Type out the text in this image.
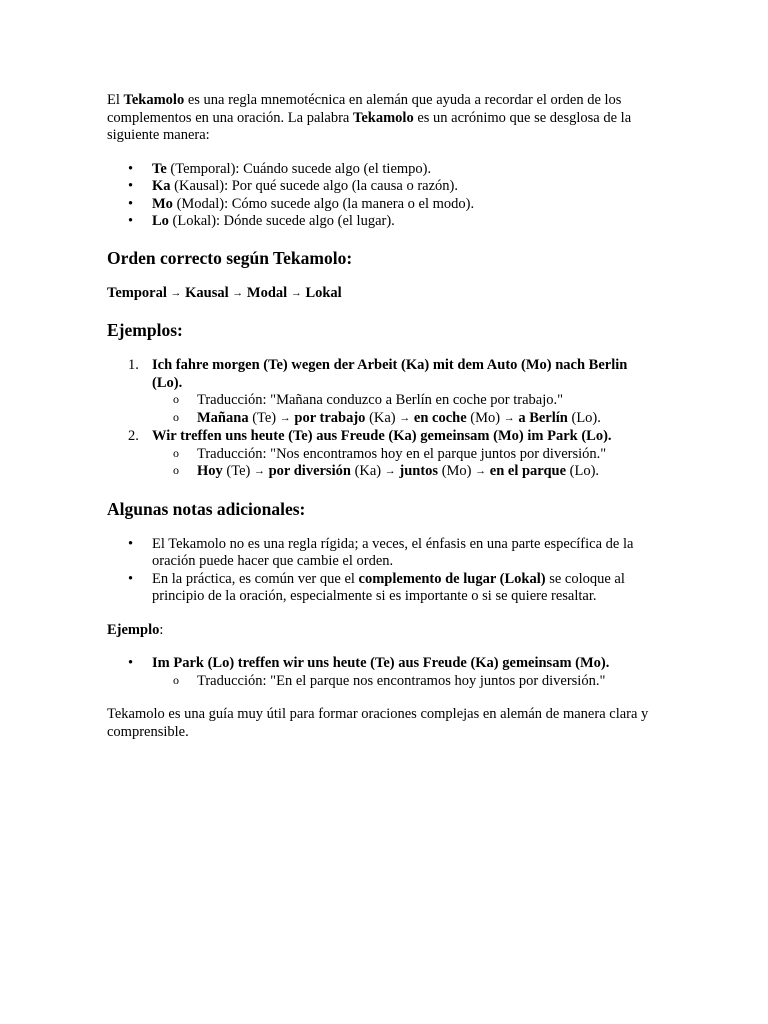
El Tekamolo es una regla mnemotécnica en alemán que ayuda a recordar el orden de los complementos en una oración. La palabra Tekamolo es un acrónimo que se desglosa de la siguiente manera:

• Te (Temporal): Cuándo sucede algo (el tiempo).
• Ka (Kausal): Por qué sucede algo (la causa o razón).
• Mo (Modal): Cómo sucede algo (la manera o el modo).
• Lo (Lokal): Dónde sucede algo (el lugar).
Orden correcto según Tekamolo:

Temporal → Kausal → Modal → Lokal

Ejemplos:
1. Ich fahre morgen (Te) wegen der Arbeit (Ka) mit dem Auto (Mo) nach Berlin (Lo).
o Traducción: "Mañana conduzco a Berlín en coche por trabajo."
o Mañana (Te) → por trabajo (Ka) → en coche (Mo) → a Berlín (Lo).
2. Wir treffen uns heute (Te) aus Freude (Ka) gemeinsam (Mo) im Park (Lo).
o Traducción: "Nos encontramos hoy en el parque juntos por diversión."
o Hoy (Te) → por diversión (Ka) → juntos (Mo) → en el parque (Lo).
Algunas notas adicionales:
• El Tekamolo no es una regla rígida; a veces, el énfasis en una parte específica de la oración puede hacer que cambie el orden.
• En la práctica, es común ver que el complemento de lugar (Lokal) se coloque al principio de la oración, especialmente si es importante o si se quiere resaltar.

Ejemplo:

• Im Park (Lo) treffen wir uns heute (Te) aus Freude (Ka) gemeinsam (Mo).
o Traducción: "En el parque nos encontramos hoy juntos por diversión."

Tekamolo es una guía muy útil para formar oraciones complejas en alemán de manera clara y comprensible.
